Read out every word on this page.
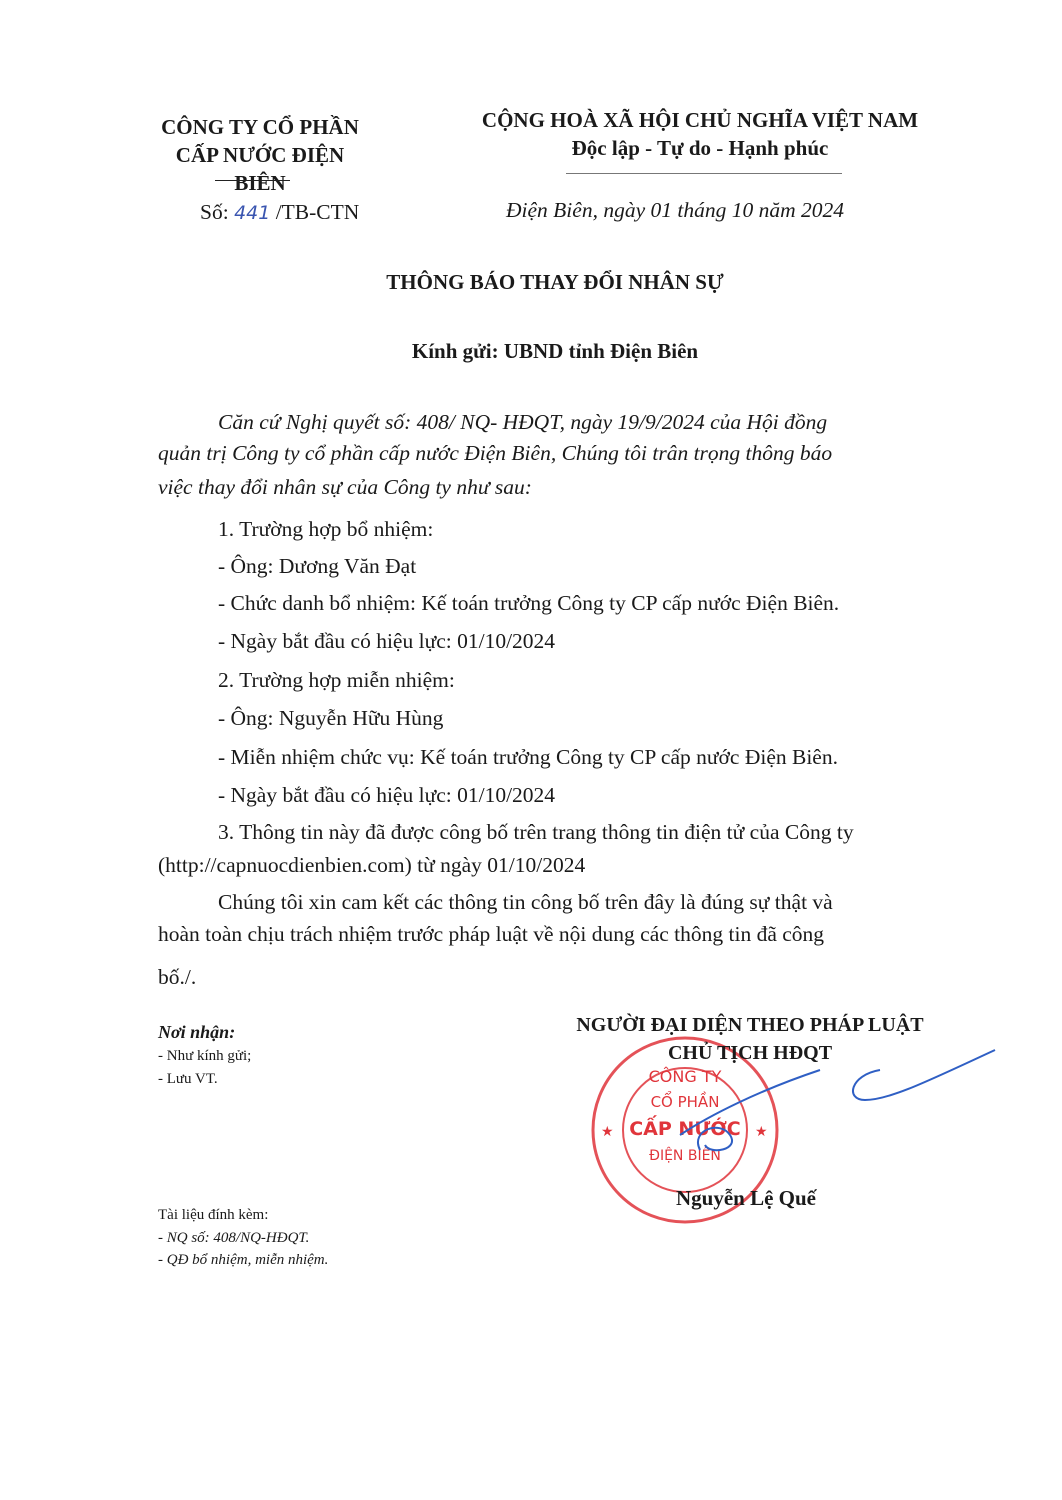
CÔNG TY CỔ PHẦN
CẤP NƯỚC ĐIỆN BIÊN
CỘNG HOÀ XÃ HỘI CHỦ NGHĨA VIỆT NAM
Độc lập - Tự do - Hạnh phúc
Số: 441 /TB-CTN	Điện Biên, ngày 01 tháng 10 năm 2024
THÔNG BÁO THAY ĐỔI NHÂN SỰ
Kính gửi: UBND tỉnh Điện Biên
Căn cứ Nghị quyết số: 408/ NQ- HĐQT, ngày 19/9/2024 của Hội đồng
quản trị Công ty cổ phần cấp nước Điện Biên, Chúng tôi trân trọng thông báo
việc thay đổi nhân sự của Công ty như sau:
1. Trường hợp bổ nhiệm:
- Ông: Dương Văn Đạt
- Chức danh bổ nhiệm: Kế toán trưởng Công ty CP cấp nước Điện Biên.
- Ngày bắt đầu có hiệu lực: 01/10/2024
2. Trường hợp miễn nhiệm:
- Ông: Nguyễn Hữu Hùng
- Miễn nhiệm chức vụ: Kế toán trưởng Công ty CP cấp nước Điện Biên.
- Ngày bắt đầu có hiệu lực: 01/10/2024
3. Thông tin này đã được công bố trên trang thông tin điện tử của Công ty
(http://capnuocdienbien.com) từ ngày 01/10/2024
Chúng tôi xin cam kết các thông tin công bố trên đây là đúng sự thật và
hoàn toàn chịu trách nhiệm trước pháp luật về nội dung các thông tin đã công
bố./.
Nơi nhận:
- Như kính gửi;
- Lưu VT.
Tài liệu đính kèm:
- NQ số: 408/NQ-HĐQT.
- QĐ bổ nhiệm, miễn nhiệm.
CÔNG TY
CỔ PHẦN
CẤP NƯỚC
ĐIỆN BIÊN
★	★
NGƯỜI ĐẠI DIỆN THEO PHÁP LUẬT
CHỦ TỊCH HĐQT
Nguyễn Lệ Quế
